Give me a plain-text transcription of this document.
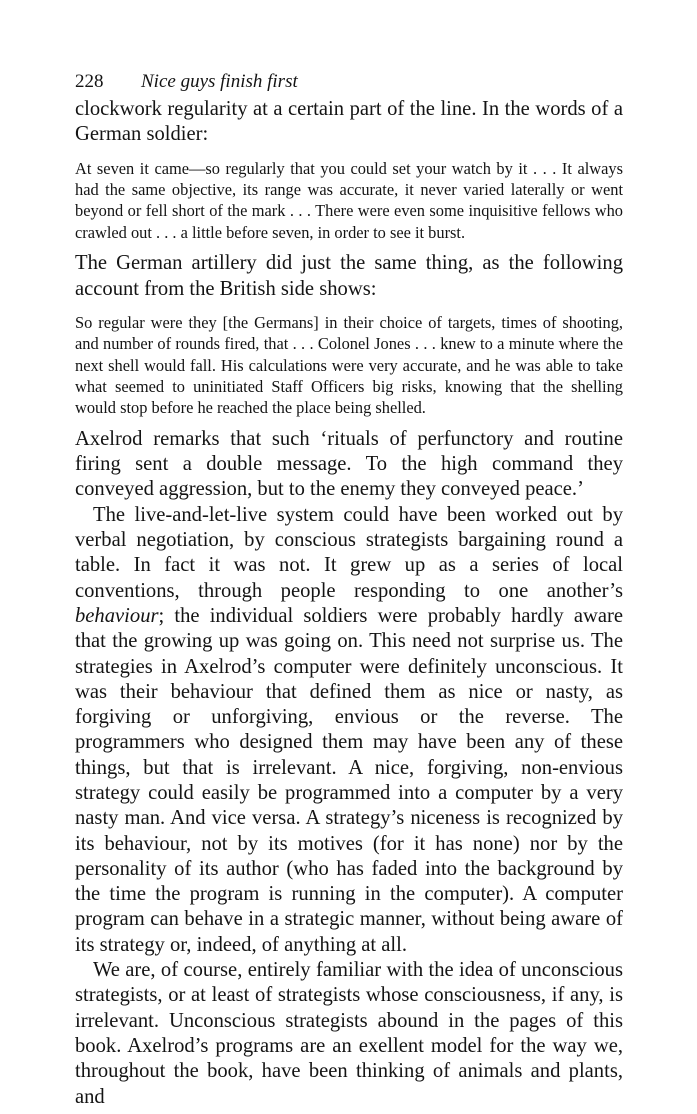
228 Nice guys finish first

clockwork regularity at a certain part of the line. In the words of a German soldier:

At seven it came—so regularly that you could set your watch by it . . . It always had the same objective, its range was accurate, it never varied laterally or went beyond or fell short of the mark . . . There were even some inquisitive fellows who crawled out . . . a little before seven, in order to see it burst.

The German artillery did just the same thing, as the following account from the British side shows:

So regular were they [the Germans] in their choice of targets, times of shooting, and number of rounds fired, that . . . Colonel Jones . . . knew to a minute where the next shell would fall. His calculations were very accurate, and he was able to take what seemed to uninitiated Staff Officers big risks, knowing that the shelling would stop before he reached the place being shelled.

Axelrod remarks that such ‘rituals of perfunctory and routine firing sent a double message. To the high command they conveyed aggression, but to the enemy they conveyed peace.’

The live-and-let-live system could have been worked out by verbal negotiation, by conscious strategists bargaining round a table. In fact it was not. It grew up as a series of local conventions, through people responding to one another’s behaviour; the individual soldiers were probably hardly aware that the growing up was going on. This need not surprise us. The strategies in Axelrod’s computer were definitely unconscious. It was their behaviour that defined them as nice or nasty, as forgiving or unforgiving, envious or the reverse. The programmers who designed them may have been any of these things, but that is irrelevant. A nice, forgiving, non-envious strategy could easily be programmed into a computer by a very nasty man. And vice versa. A strategy’s niceness is recognized by its behaviour, not by its motives (for it has none) nor by the personality of its author (who has faded into the background by the time the program is running in the computer). A computer program can behave in a strategic manner, without being aware of its strategy or, indeed, of anything at all.

We are, of course, entirely familiar with the idea of unconscious strategists, or at least of strategists whose consciousness, if any, is irrelevant. Unconscious strategists abound in the pages of this book. Axelrod’s programs are an exellent model for the way we, throughout the book, have been thinking of animals and plants, and
